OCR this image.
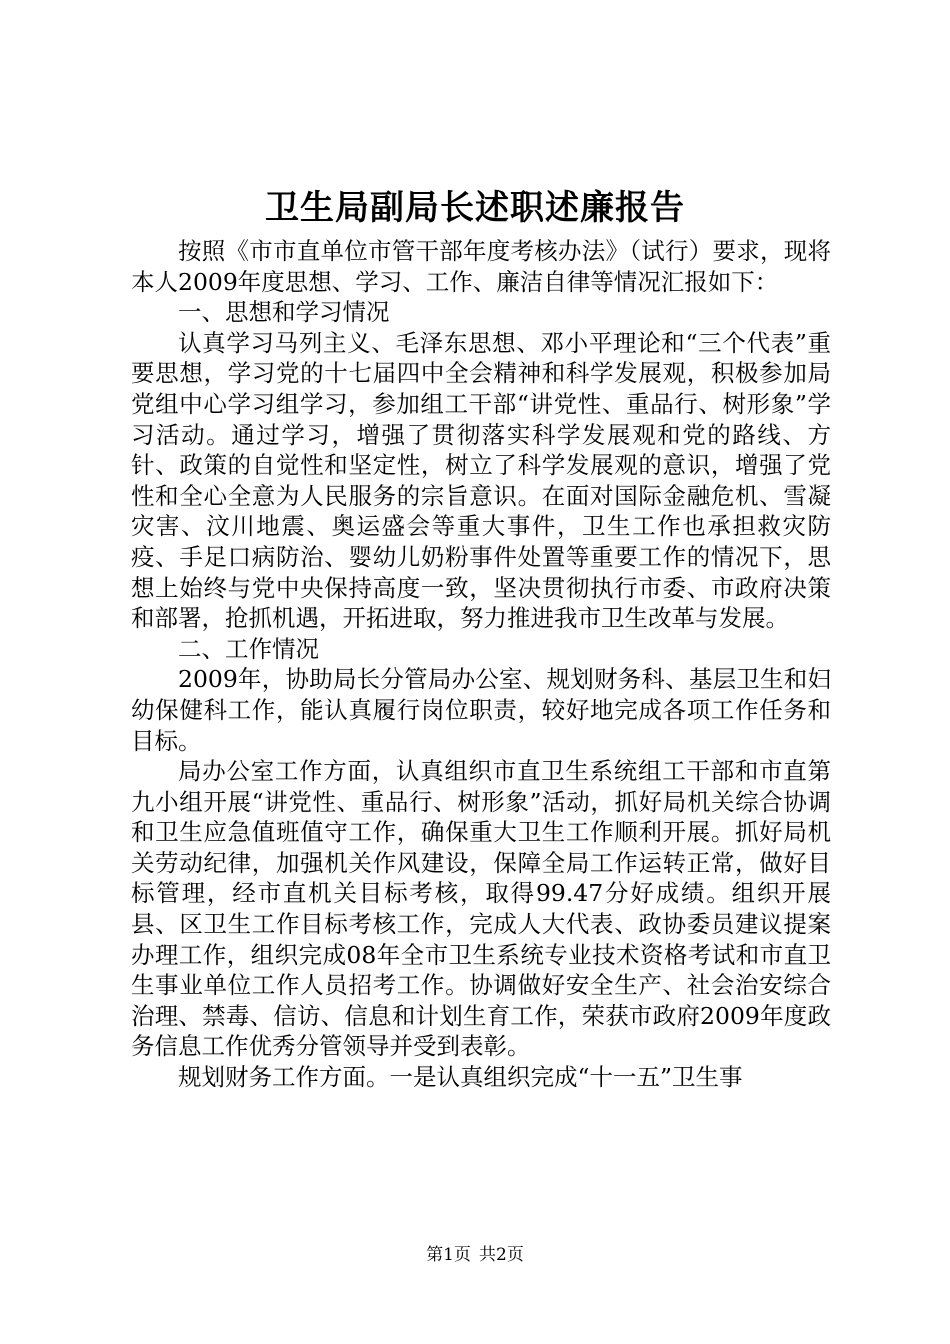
卫生局副局长述职述廉报告

按照《市市直单位市管干部年度考核办法》（试行）要求，现将本人2009年度思想、学习、工作、廉洁自律等情况汇报如下：

一、思想和学习情况

认真学习马列主义、毛泽东思想、邓小平理论和“三个代表”重要思想，学习党的十七届四中全会精神和科学发展观，积极参加局党组中心学习组学习，参加组工干部“讲党性、重品行、树形象”学习活动。通过学习，增强了贯彻落实科学发展观和党的路线、方针、政策的自觉性和坚定性，树立了科学发展观的意识，增强了党性和全心全意为人民服务的宗旨意识。在面对国际金融危机、雪凝灾害、汶川地震、奥运盛会等重大事件，卫生工作也承担救灾防疫、手足口病防治、婴幼儿奶粉事件处置等重要工作的情况下，思想上始终与党中央保持高度一致，坚决贯彻执行市委、市政府决策和部署，抢抓机遇，开拓进取，努力推进我市卫生改革与发展。

二、工作情况

2009年，协助局长分管局办公室、规划财务科、基层卫生和妇幼保健科工作，能认真履行岗位职责，较好地完成各项工作任务和目标。

局办公室工作方面，认真组织市直卫生系统组工干部和市直第九小组开展“讲党性、重品行、树形象”活动，抓好局机关综合协调和卫生应急值班值守工作，确保重大卫生工作顺利开展。抓好局机关劳动纪律，加强机关作风建设，保障全局工作运转正常，做好目标管理，经市直机关目标考核，取得99.47分好成绩。组织开展县、区卫生工作目标考核工作，完成人大代表、政协委员建议提案办理工作，组织完成08年全市卫生系统专业技术资格考试和市直卫生事业单位工作人员招考工作。协调做好安全生产、社会治安综合治理、禁毒、信访、信息和计划生育工作，荣获市政府2009年度政务信息工作优秀分管领导并受到表彰。

规划财务工作方面。一是认真组织完成“十一五”卫生事

第1页 共2页
